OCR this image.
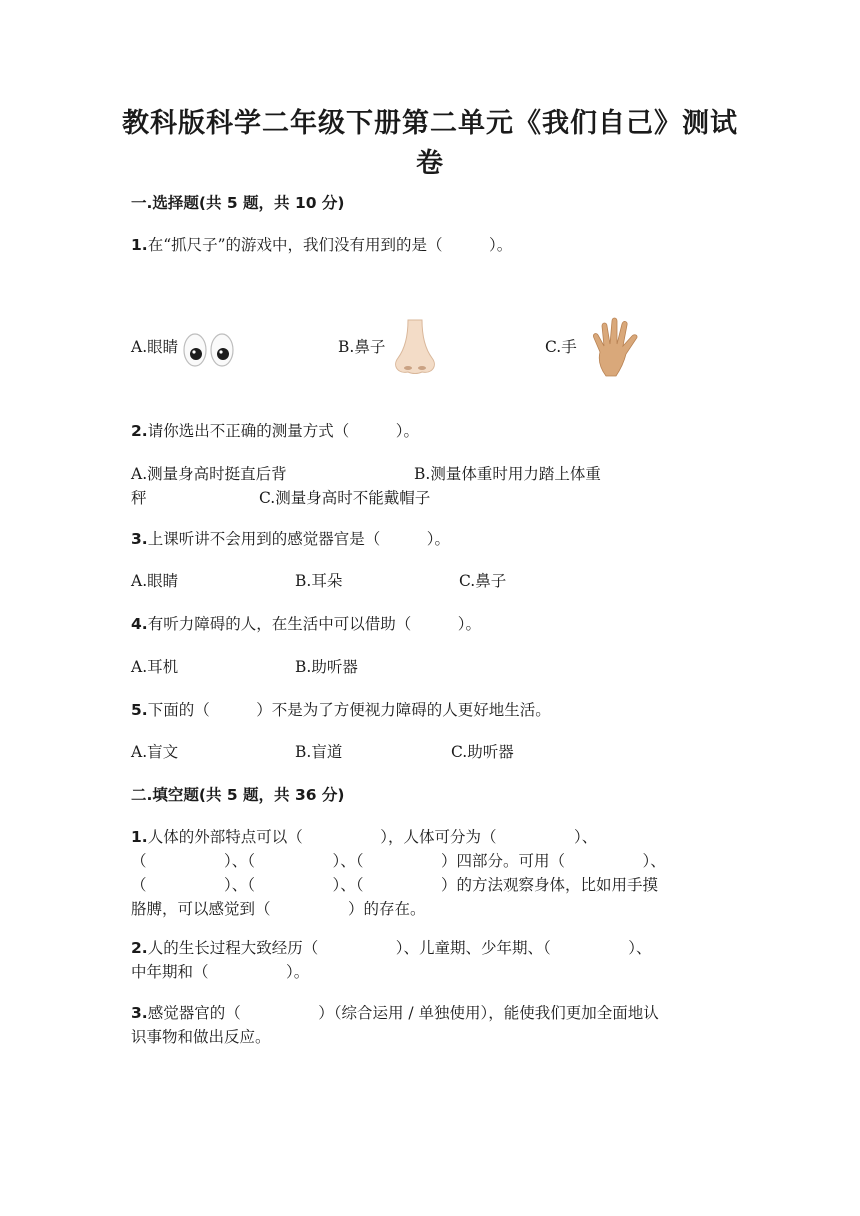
教科版科学二年级下册第二单元《我们自己》测试
卷
一.选择题(共 5 题，共 10 分)
1.在“抓尺子”的游戏中，我们没有用到的是（　　　）。
A.眼睛	B.鼻子	C.手
2.请你选出不正确的测量方式（　　　）。
A.测量身高时挺直后背	B.测量体重时用力踏上体重
秤	C.测量身高时不能戴帽子
3.上课听讲不会用到的感觉器官是（　　　）。
A.眼睛	B.耳朵	C.鼻子
4.有听力障碍的人，在生活中可以借助（　　　）。
A.耳机	B.助听器
5.下面的（　　　）不是为了方便视力障碍的人更好地生活。
A.盲文	B.盲道	C.助听器
二.填空题(共 5 题，共 36 分)
1.人体的外部特点可以（　　　　　），人体可分为（　　　　　）、
（　　　　　）、（　　　　　）、（　　　　　）四部分。可用（　　　　　）、
（　　　　　）、（　　　　　）、（　　　　　）的方法观察身体，比如用手摸
胳膊，可以感觉到（　　　　　）的存在。
2.人的生长过程大致经历（　　　　　）、儿童期、少年期、（　　　　　）、
中年期和（　　　　　）。
3.感觉器官的（　　　　　）（综合运用 / 单独使用），能使我们更加全面地认
识事物和做出反应。
